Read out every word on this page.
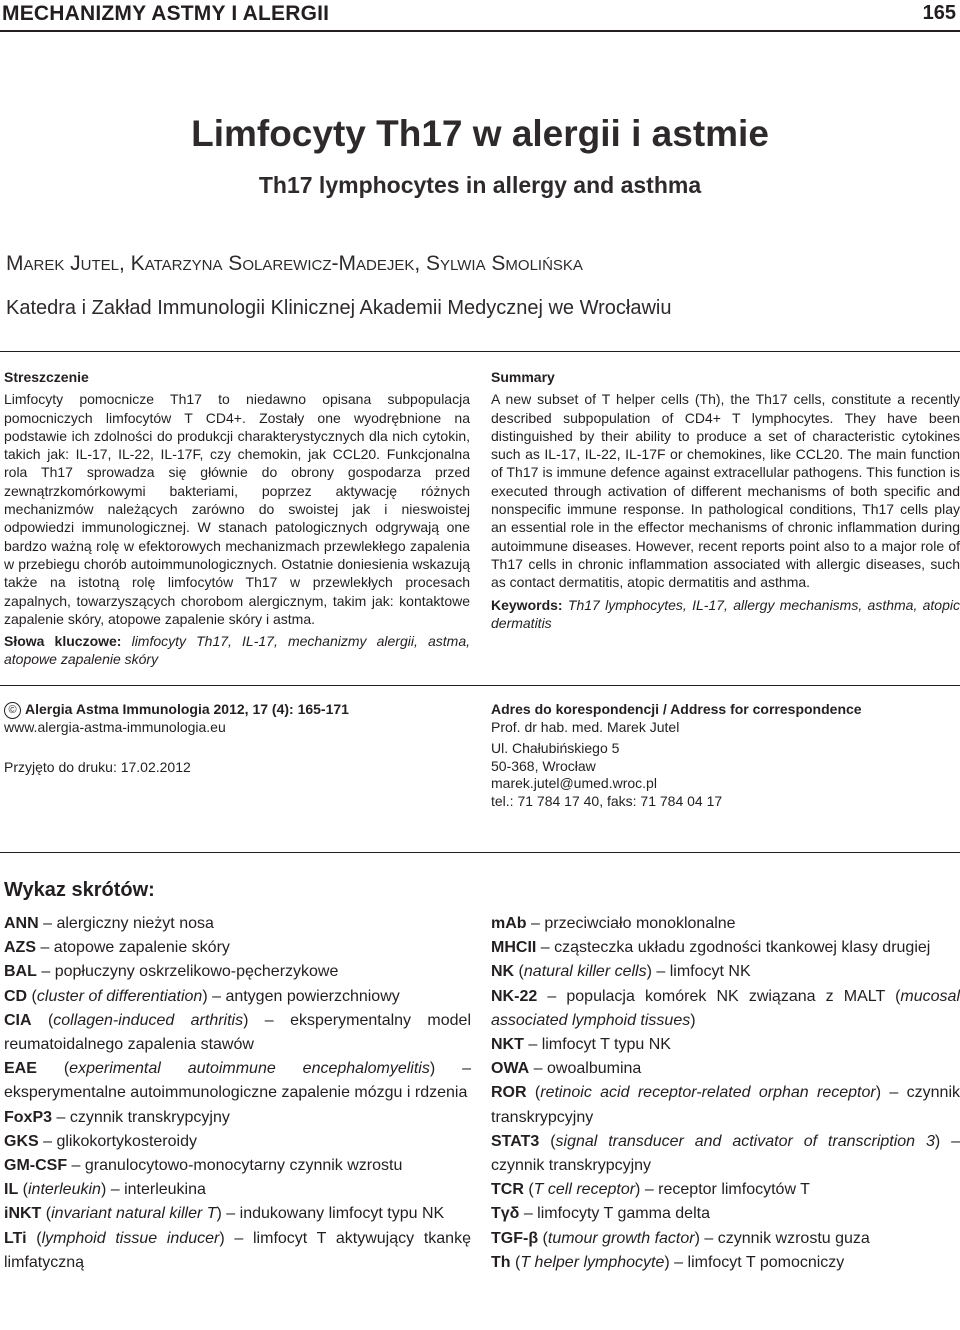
MECHANIZMY ASTMY I ALERGII	165
Limfocyty Th17 w alergii i astmie
Th17 lymphocytes in allergy and asthma
Marek Jutel, Katarzyna Solarewicz-Madejek, Sylwia Smolińska
Katedra i Zakład Immunologii Klinicznej Akademii Medycznej we Wrocławiu
Streszczenie
Limfocyty pomocnicze Th17 to niedawno opisana subpopulacja pomocniczych limfocytów T CD4+. Zostały one wyodrębnione na podstawie ich zdolności do produkcji charakterystycznych dla nich cytokin, takich jak: IL-17, IL-22, IL-17F, czy chemokin, jak CCL20. Funkcjonalna rola Th17 sprowadza się głównie do obrony gospodarza przed zewnątrzkomórkowymi bakteriami, poprzez aktywację różnych mechanizmów należących zarówno do swoistej jak i nieswoistej odpowiedzi immunologicznej. W stanach patologicznych odgrywają one bardzo ważną rolę w efektorowych mechanizmach przewlekłego zapalenia w przebiegu chorób autoimmunologicznych. Ostatnie doniesienia wskazują także na istotną rolę limfocytów Th17 w przewlekłych procesach zapalnych, towarzyszących chorobom alergicznym, takim jak: kontaktowe zapalenie skóry, atopowe zapalenie skóry i astma.
Słowa kluczowe: limfocyty Th17, IL-17, mechanizmy alergii, astma, atopowe zapalenie skóry
Summary
A new subset of T helper cells (Th), the Th17 cells, constitute a recently described subpopulation of CD4+ T lymphocytes. They have been distinguished by their ability to produce a set of characteristic cytokines such as IL-17, IL-22, IL-17F or chemokines, like CCL20. The main function of Th17 is immune defence against extracellular pathogens. This function is executed through activation of different mechanisms of both specific and nonspecific immune response. In pathological conditions, Th17 cells play an essential role in the effector mechanisms of chronic inflammation during autoimmune diseases. However, recent reports point also to a major role of Th17 cells in chronic inflammation associated with allergic diseases, such as contact dermatitis, atopic dermatitis and asthma.
Keywords: Th17 lymphocytes, IL-17, allergy mechanisms, asthma, atopic dermatitis
© Alergia Astma Immunologia 2012, 17 (4): 165-171
www.alergia-astma-immunologia.eu
Przyjęto do druku: 17.02.2012
Adres do korespondencji / Address for correspondence
Prof. dr hab. med. Marek Jutel
Ul. Chałubińskiego 5
50-368, Wrocław
marek.jutel@umed.wroc.pl
tel.: 71 784 17 40, faks: 71 784 04 17
Wykaz skrótów:

ANN – alergiczny nieżyt nosa

AZS – atopowe zapalenie skóry

BAL – popłuczyny oskrzelikowo-pęcherzykowe

CD (cluster of differentiation) – antygen powierzchniowy

CIA (collagen-induced arthritis) – eksperymentalny model reumatoidalnego zapalenia stawów

EAE (experimental autoimmune encephalomyelitis) – eksperymentalne autoimmunologiczne zapalenie mózgu i rdzenia

FoxP3 – czynnik transkrypcyjny

GKS – glikokortykosteroidy

GM-CSF – granulocytowo-monocytarny czynnik wzrostu

IL (interleukin) – interleukina

iNKT (invariant natural killer T) – indukowany limfocyt typu NK

LTi (lymphoid tissue inducer) – limfocyt T aktywujący tkankę limfatyczną

mAb – przeciwciało monoklonalne

MHCII – cząsteczka układu zgodności tkankowej klasy drugiej

NK (natural killer cells) – limfocyt NK

NK-22 – populacja komórek NK związana z MALT (mucosal associated lymphoid tissues)

NKT – limfocyt T typu NK

OWA – owoalbumina

ROR (retinoic acid receptor-related orphan receptor) – czynnik transkrypcyjny

STAT3 (signal transducer and activator of transcription 3) – czynnik transkrypcyjny

TCR (T cell receptor) – receptor limfocytów T

Tγδ – limfocyty T gamma delta

TGF-β (tumour growth factor) – czynnik wzrostu guza

Th (T helper lymphocyte) – limfocyt T pomocniczy
